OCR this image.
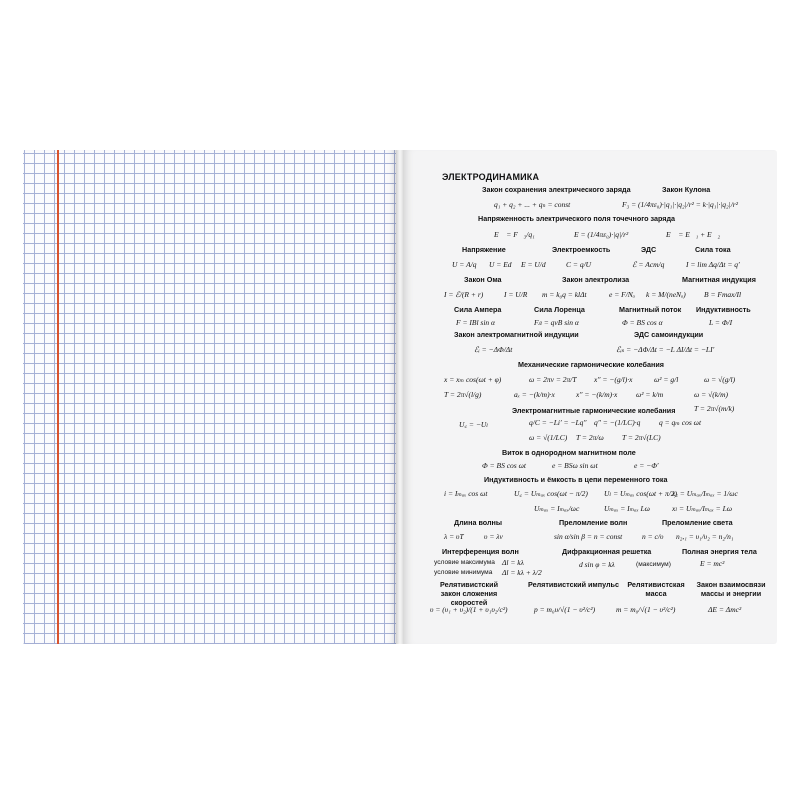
ЭЛЕКТРОДИНАМИКА
Закон сохранения электрического заряда	Закон Кулона
q₁ + q₂ + ... + qₙ = const	F₃ = (1/4πε₀)·|q₁|·|q₂|/r² = k·|q₁|·|q₂|/r²
Напряженность электрического поля точечного заряда
E⃗ = F⃗₃/q₁	E = (1/4πε₀)·|q|/r²	E⃗ = E⃗₁ + E⃗₂
Напряжение	Электроемкость	ЭДС	Сила тока
U = A/q U = Ed E = U/d	C = q/U	ℰ = Aст/q	I = lim Δq/Δt = q′
Закон Ома	Закон электролиза	Магнитная индукция
I = ℰ/(R + r)	I = U/R m = k₀q = klΔt	e = F/Nₐ k = M/(neNₐ) B = Fmax/Il
Сила Ампера	Сила Лоренца	Магнитный поток Индуктивность
F = IBl sin α	Fл = qvB sin α	Φ = BS cos α	L = Φ/I
Закон электромагнитной индукции	ЭДС самоиндукции
ℰᵢ = −ΔΦ/Δt	ℰᵢₛ = −ΔΦ/Δt = −L ΔI/Δt = −LI′
Механические гармонические колебания
x = xₘ cos(ωt + φ)	ω = 2πν = 2π/T x″ = −(g/l)·x	ω² = g/l	ω = √(g/l)
T = 2π√(l/g)	aₓ = −(k/m)·x	x″ = −(k/m)·x ω² = k/m	ω = √(k/m)
T = 2π√(m/k)
Электромагнитные гармонические колебания
U꜀ = −Uₗ	q/C = −Li′ = −Lq″ q″ = −(1/LC)·q q = qₘ cos ωt
ω = √(1/LC) T = 2π/ω T = 2π√(LC)
Виток в однородном магнитном поле
Φ = BS cos ωt	e = BSω sin ωt	e = −Φ′
Индуктивность и ёмкость в цепи переменного тока
i = Iₘₐₓ cos ωt	U꜀ = Uₘₐₓ cos(ωt − π/2) Uₗ = Uₘₐₓ cos(ωt + π/2)
Uₘₐₓ = Iₘₐₓ/ωc	Uₘₐₓ = Iₘₐₓ Lω
x꜀ = Uₘₐₓ/Iₘₐₓ = 1/ωc
xₗ = Uₘₐₓ/Iₘₐₓ = Lω
Длина волны	Преломление волн	Преломление света
λ = υT	υ = λν	sin α/sin β = n = const	n = c/υ n₂,₁ = υ₁/υ₂ = n₂/n₁
Интерференция волн	Дифракционная решетка	Полная энергия тела
условие максимума Δl = kλ
условие минимума Δl = kλ + λ/2
d sin φ = kλ	(максимум)	E = mc²
Релятивистский закон сложения скоростей
Релятивистский импульс Релятивистская масса
Закон взаимосвязи массы и энергии
υ = (υ₁ + υ₂)/(1 + υ₁υ₂/c²)	p = m₀υ/√(1 − υ²/c²)	m = m₀/√(1 − υ²/c²)	ΔE = Δmc²
